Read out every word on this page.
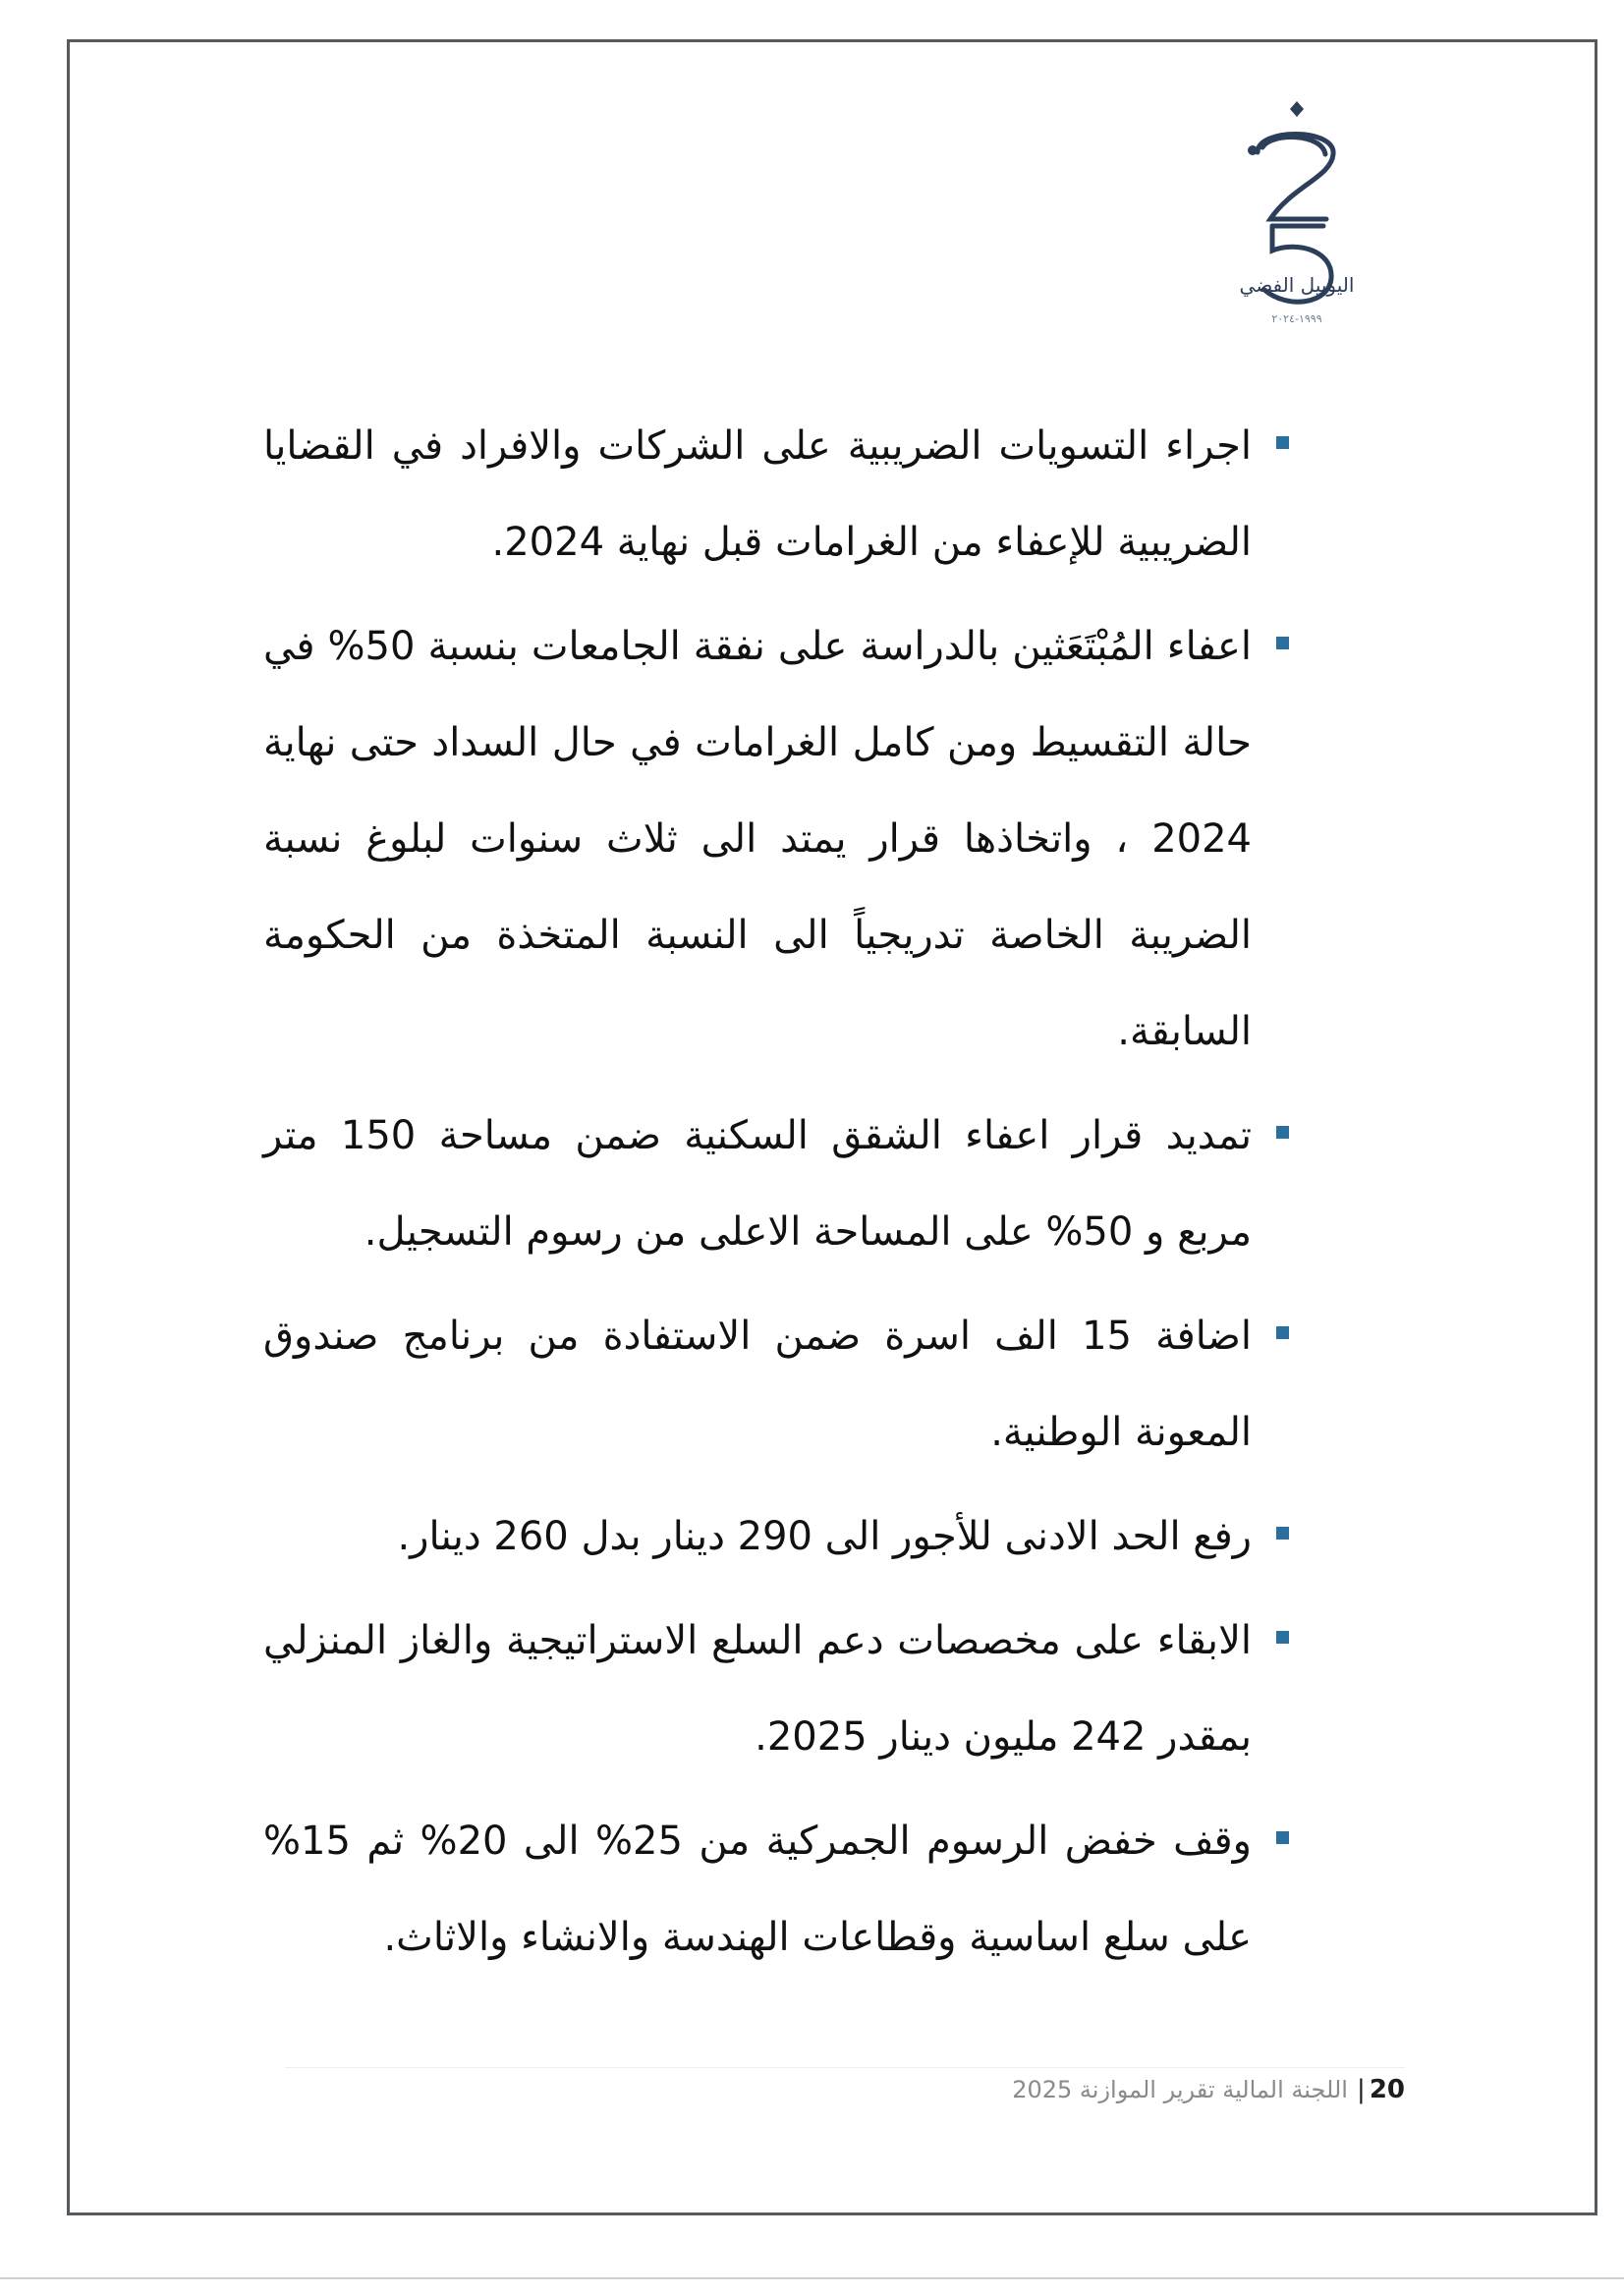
اليوبيل الفضي
١٩٩٩-٢٠٢٤
اجراء التسويات الضريبية على الشركات والافراد في القضايا الضريبية للإعفاء من الغرامات قبل نهاية 2024.
اعفاء المُبْتَعَثين بالدراسة على نفقة الجامعات بنسبة 50% في حالة التقسيط ومن كامل الغرامات في حال السداد حتى نهاية 2024 ، واتخاذها قرار يمتد الى ثلاث سنوات لبلوغ نسبة الضريبة الخاصة تدريجياً الى النسبة المتخذة من الحكومة السابقة.
تمديد قرار اعفاء الشقق السكنية ضمن مساحة 150 متر مربع و 50% على المساحة الاعلى من رسوم التسجيل.
اضافة 15 الف اسرة ضمن الاستفادة من برنامج صندوق المعونة الوطنية.
رفع الحد الادنى للأجور الى 290 دينار بدل 260 دينار.
الابقاء على مخصصات دعم السلع الاستراتيجية والغاز المنزلي بمقدر 242 مليون دينار 2025.
وقف خفض الرسوم الجمركية من 25% الى 20% ثم 15% على سلع اساسية وقطاعات الهندسة والانشاء والاثاث.
20| اللجنة المالية تقرير الموازنة 2025
